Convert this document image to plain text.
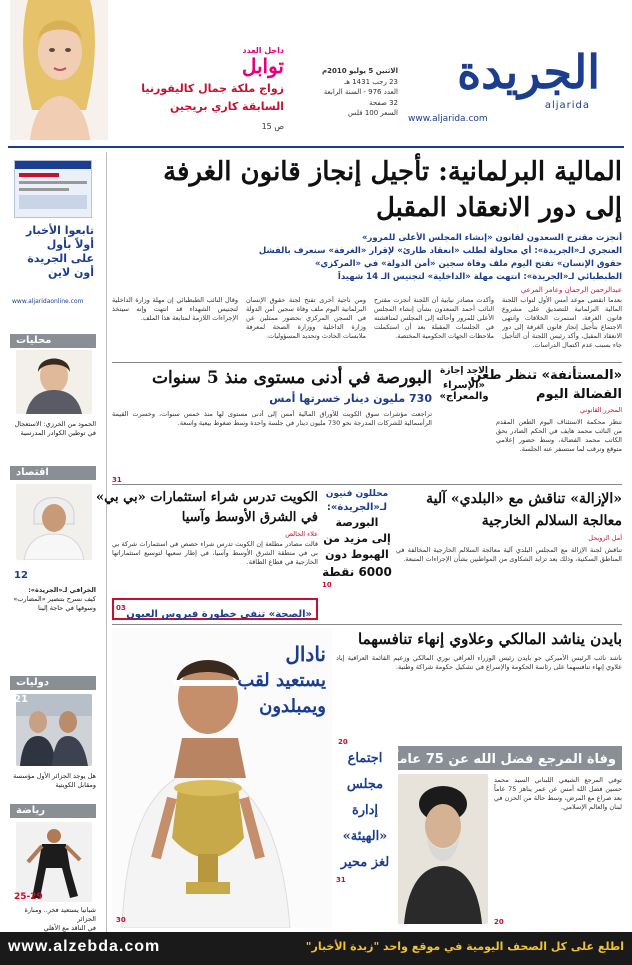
الجريدة
aljarida
www.aljarida.com
الاثنين 5 يوليو 2010م
23 رجب 1431 هـ
العدد 976 - السنة الرابعة
32 صفحة
السعر 100 فلس
داخل العدد
توابل
زواج ملكة جمال كاليفورنيا
السابقة كاري بريجين
ص 15
تابعوا الأخبار
أولاً بأول
على الجريدة
أون لاين
www.aljaridaonline.com
محليات
الحمود من الخرزي: الاستعجال
في توطين الكوادر المدرسية
اقتصاد
12
الخرافي لـ«الجريدة»:
كيف نسرح بتنصير «المضارب»
وسوقها في حاجة إلينا
دوليات
21
هل يوجد الجزائر الأول مؤسسة
ومقابل الكويتية
رياضة
25-29
شبانيا يستعيد فخر.. ومنارة الجزائر
في الناقد مع الأهلي
المالية البرلمانية: تأجيل إنجاز قانون الغرفة
إلى دور الانعقاد المقبل
أنجزت مقترح السعدون لقانون «إنشاء المجلس الأعلى للمرور»
العنجري لـ«الجريدة»: أي محاولة لطلب «انعقاد طارئ» لإقرار «الغرفة» سنعرف بالفشل
حقوق الإنسان» تفتح اليوم ملف وفاة سجين «أمن الدولة» في «المركزي»
الطبطبائي لـ«الجريدة»: انتهت مهلة «الداخلية» لتجنيس الـ 14 شهيداً
عبدالرحمن الرحمان وعامر المرعي
بعدما انقضى موعد أمس الأول لنواب اللجنة المالية البرلمانية للتصديق على مشروع قانون الغرفة، استمرت الخلافات وانتهى الاجتماع بتأجيل إنجاز قانون الغرفة إلى دور الانعقاد المقبل، وأكد رئيس اللجنة أن التأجيل جاء بسبب عدم اكتمال الدراسات.
وأكدت مصادر نيابية أن اللجنة أنجزت مقترح النائب أحمد السعدون بشأن إنشاء المجلس الأعلى للمرور وأحالته إلى المجلس لمناقشته في الجلسات المقبلة بعد أن استكملت ملاحظات الجهات الحكومية المختصة.
ومن ناحية أخرى تفتح لجنة حقوق الإنسان البرلمانية اليوم ملف وفاة سجين أمن الدولة في السجن المركزي بحضور ممثلين عن وزارة الداخلية ووزارة الصحة لمعرفة ملابسات الحادث وتحديد المسؤوليات.
وقال النائب الطبطبائي إن مهلة وزارة الداخلية لتجنيس الشهداء قد انتهت وإنه سيتخذ الإجراءات اللازمة لمتابعة هذا الملف.
«المستأنفة» تنظر طعن
الفضالة اليوم
المحرر القانوني
تنظر محكمة الاستئناف اليوم الطعن المقدم من النائب محمد هايف في الحكم الصادر بحق الكاتب محمد الفضالة، وسط حضور إعلامي متوقع وترقب لما ستسفر عنه الجلسة.
الاحد إجازة
«الإسراء
والمعراج»
البورصة في أدنى مستوى منذ 5 سنوات
730 مليون دينار خسرتها أمس
تراجعت مؤشرات سوق الكويت للأوراق المالية أمس إلى أدنى مستوى لها منذ خمس سنوات، وخسرت القيمة الرأسمالية للشركات المدرجة نحو 730 مليون دينار في جلسة واحدة وسط ضغوط بيعية واسعة.
31
«الإزالة» تناقش مع «البلدي» آلية
معالجة السلالم الخارجية
أمل الرويحل
تناقش لجنة الإزالة مع المجلس البلدي آلية معالجة السلالم الخارجية المخالفة في المناطق السكنية، وذلك بعد تزايد الشكاوى من المواطنين بشأن الإجراءات المتبعة.
محللون فنيون
لـ«الجريدة»:
البورصة
إلى مزيد من
الهبوط دون
6000 نقطة
10
الكويت تدرس شراء استثمارات «بي بي»
في الشرق الأوسط وآسيا
علاء الخالص
قالت مصادر مطلعة إن الكويت تدرس شراء حصص في استثمارات شركة بي بي في منطقة الشرق الأوسط وآسيا، في إطار سعيها لتوسيع استثماراتها الخارجية في قطاع الطاقة.
«الصحة» تنفي خطورة فيروس العيون
03
بايدن يناشد المالكي وعلاوي إنهاء تنافسهما
ناشد نائب الرئيس الأميركي جو بايدن رئيس الوزراء العراقي نوري المالكي وزعيم القائمة العراقية إياد علاوي إنهاء تنافسهما على رئاسة الحكومة والإسراع في تشكيل حكومة شراكة وطنية.
20
وفاة المرجع فضل الله عن 75 عاماً
توفي المرجع الشيعي اللبناني السيد محمد حسين فضل الله أمس عن عمر يناهز 75 عاماً بعد صراع مع المرض، وسط حالة من الحزن في لبنان والعالم الإسلامي.
20
اجتماع
مجلس
إدارة
«الهيئة»
لغز محير
31
نادال
يستعيد لقب
ويمبلدون
30
www.alzebda.com	اطلع على كل الصحف اليومية في موقع واحد "زبدة الأخبار"
